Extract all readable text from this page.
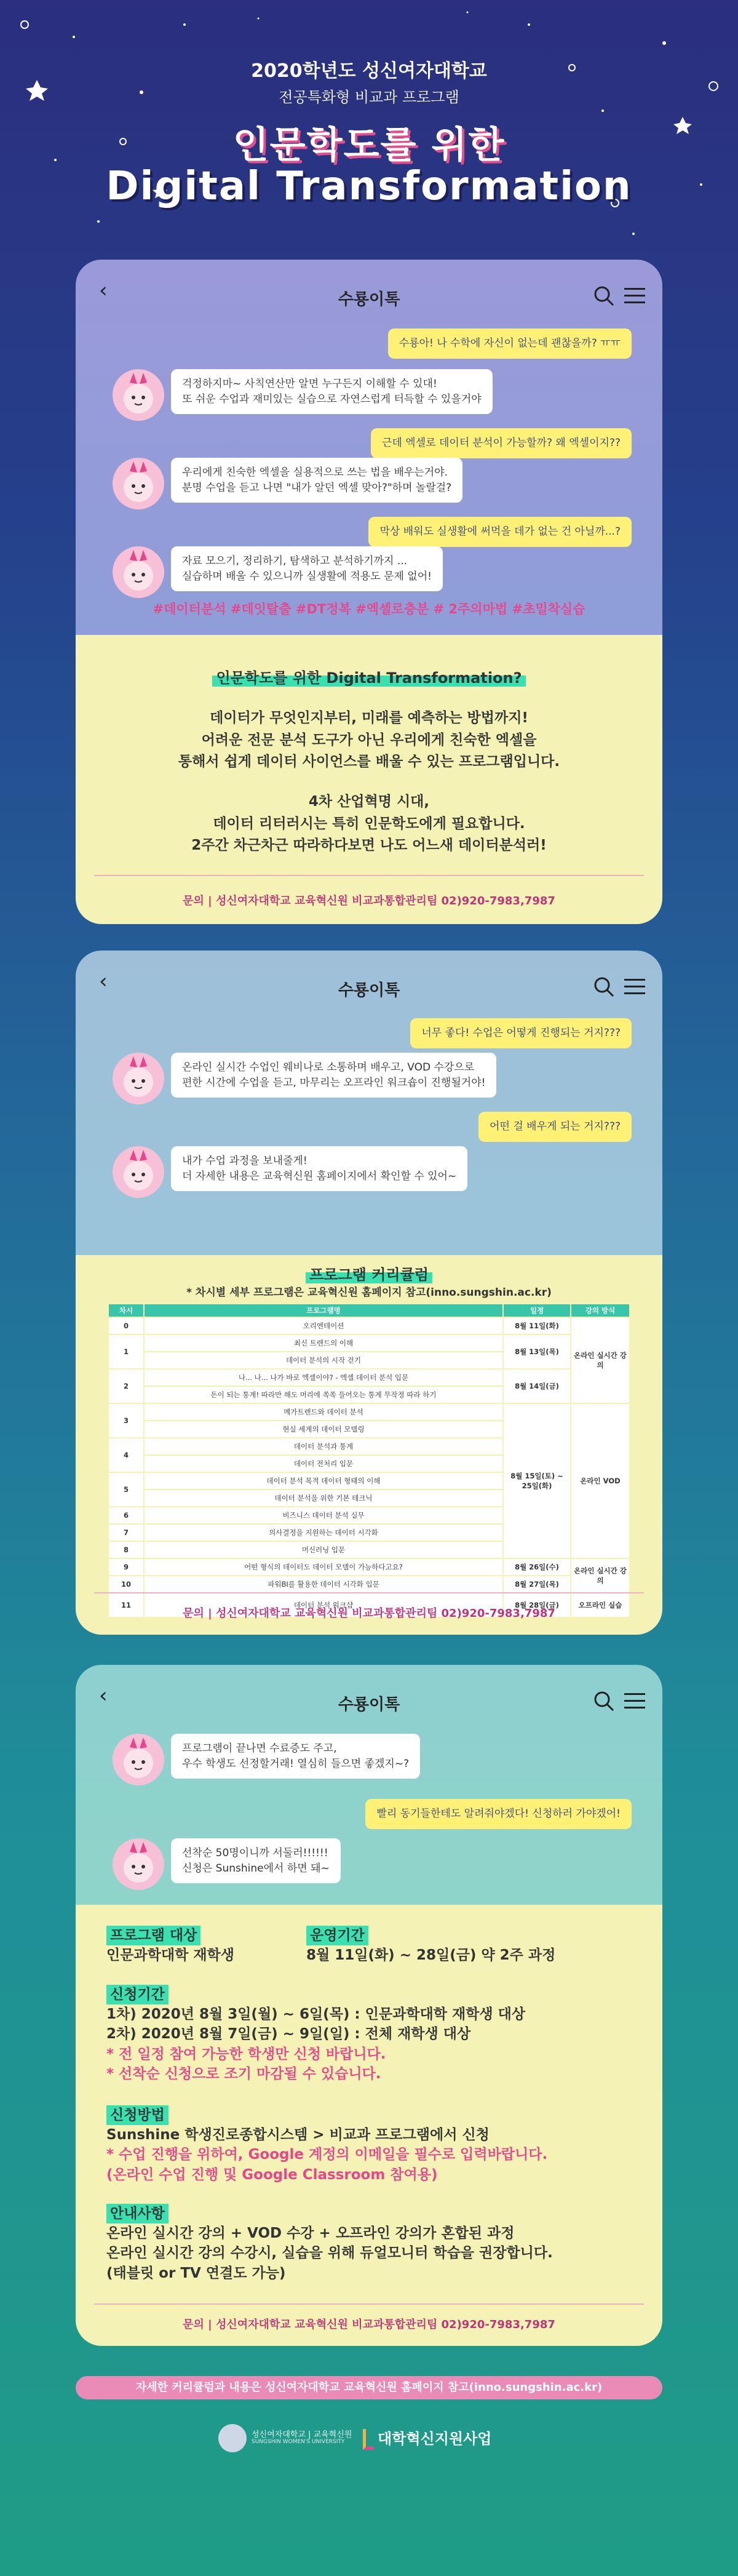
2020학년도 성신여자대학교
전공특화형 비교과 프로그램
인문학도를 위한
Digital Transformation
‹	수룡이톡
수룡아! 나 수학에 자신이 없는데 괜찮을까? ㅠㅠ
걱정하지마~ 사칙연산만 알면 누구든지 이해할 수 있대!
또 쉬운 수업과 재미있는 실습으로 자연스럽게 터득할 수 있을거야
근데 엑셀로 데이터 분석이 가능할까? 왜 엑셀이지??
우리에게 친숙한 엑셀을 실용적으로 쓰는 법을 배우는거야.
분명 수업을 듣고 나면 "내가 알던 엑셀 맞아?"하며 놀랄걸?
막상 배워도 실생활에 써먹을 데가 없는 건 아닐까...?
자료 모으기, 정리하기, 탐색하고 분석하기까지 ...
실습하며 배울 수 있으니까 실생활에 적용도 문제 없어!
#데이터분석 #데잇탈출 #DT정복 #엑셀로충분 # 2주의마법 #초밀착실습
인문학도를 위한 Digital Transformation?
데이터가 무엇인지부터, 미래를 예측하는 방법까지!
어려운 전문 분석 도구가 아닌 우리에게 친숙한 엑셀을
통해서 쉽게 데이터 사이언스를 배울 수 있는 프로그램입니다.
4차 산업혁명 시대,
데이터 리터러시는 특히 인문학도에게 필요합니다.
2주간 차근차근 따라하다보면 나도 어느새 데이터분석러!
문의 | 성신여자대학교 교육혁신원 비교과통합관리팀 02)920-7983,7987
‹	수룡이톡
너무 좋다! 수업은 어떻게 진행되는 거지???
온라인 실시간 수업인 웨비나로 소통하며 배우고, VOD 수강으로
편한 시간에 수업을 듣고, 마무리는 오프라인 워크숍이 진행될거야!
어떤 걸 배우게 되는 거지???
내가 수업 과정을 보내줄게!
더 자세한 내용은 교육혁신원 홈페이지에서 확인할 수 있어~
프로그램 커리큘럼
* 차시별 세부 프로그램은 교육혁신원 홈페이지 참고(inno.sungshin.ac.kr)
차시	프로그램명	일정	강의 방식
0	오리엔테이션	8월 11일(화)	온라인 실시간 강의
1	최신 트렌드의 이해	8월 13일(목)	
	데이터 분석의 시작 걷기		
2	나... 나... 나가 바로 엑셀이야? - 엑셀 데이터 분석 입문	8월 14일(금)	
	돈이 되는 통계! 따라만 해도 머리에 쏙쏙 들어오는 통계 무작정 따라 하기		
3	메가트렌드와 데이터 분석	8월 15일(토) ~ 25일(화)	온라인 VOD
	현실 세계의 데이터 모델링		
4	데이터 분석과 통계		
	데이터 전처리 입문		
5	데이터 분석 목적 데이터 형태의 이해		
	데이터 분석을 위한 기본 테크닉		
6	비즈니스 데이터 분석 실무		
7	의사결정을 지원하는 데이터 시각화		
8	머신러닝 입문		
9	어떤 형식의 데이터도 데이터 모델이 가능하다고요?	8월 26일(수)	온라인 실시간 강의
10	파워BI를 활용한 데이터 시각화 입문	8월 27일(목)	
11	데이터 분석 워크샵	8월 28일(금)	오프라인 실습
문의 | 성신여자대학교 교육혁신원 비교과통합관리팀 02)920-7983,7987
‹	수룡이톡
프로그램이 끝나면 수료증도 주고,
우수 학생도 선정할거래! 열심히 들으면 좋겠지~?
빨리 동기들한테도 알려줘야겠다! 신청하러 가야겠어!
선착순 50명이니까 서둘러!!!!!!
신청은 Sunshine에서 하면 돼~
프로그램 대상
인문과학대학 재학생
운영기간
8월 11일(화) ~ 28일(금) 약 2주 과정
신청기간
1차) 2020년 8월 3일(월) ~ 6일(목) : 인문과학대학 재학생 대상
2차) 2020년 8월 7일(금) ~ 9일(일) : 전체 재학생 대상
* 전 일정 참여 가능한 학생만 신청 바랍니다.
* 선착순 신청으로 조기 마감될 수 있습니다.
신청방법
Sunshine 학생진로종합시스템 > 비교과 프로그램에서 신청
* 수업 진행을 위하여, Google 계정의 이메일을 필수로 입력바랍니다.
(온라인 수업 진행 및 Google Classroom 참여용)
안내사항
온라인 실시간 강의 + VOD 수강 + 오프라인 강의가 혼합된 과정
온라인 실시간 강의 수강시, 실습을 위해 듀얼모니터 학습을 권장합니다.
(태블릿 or TV 연결도 가능)
문의 | 성신여자대학교 교육혁신원 비교과통합관리팀 02)920-7983,7987
자세한 커리큘럼과 내용은 성신여자대학교 교육혁신원 홈페이지 참고(inno.sungshin.ac.kr)
성신여자대학교 | 교육혁신원
SUNGSHIN WOMEN'S UNIVERSITY	대학혁신지원사업
